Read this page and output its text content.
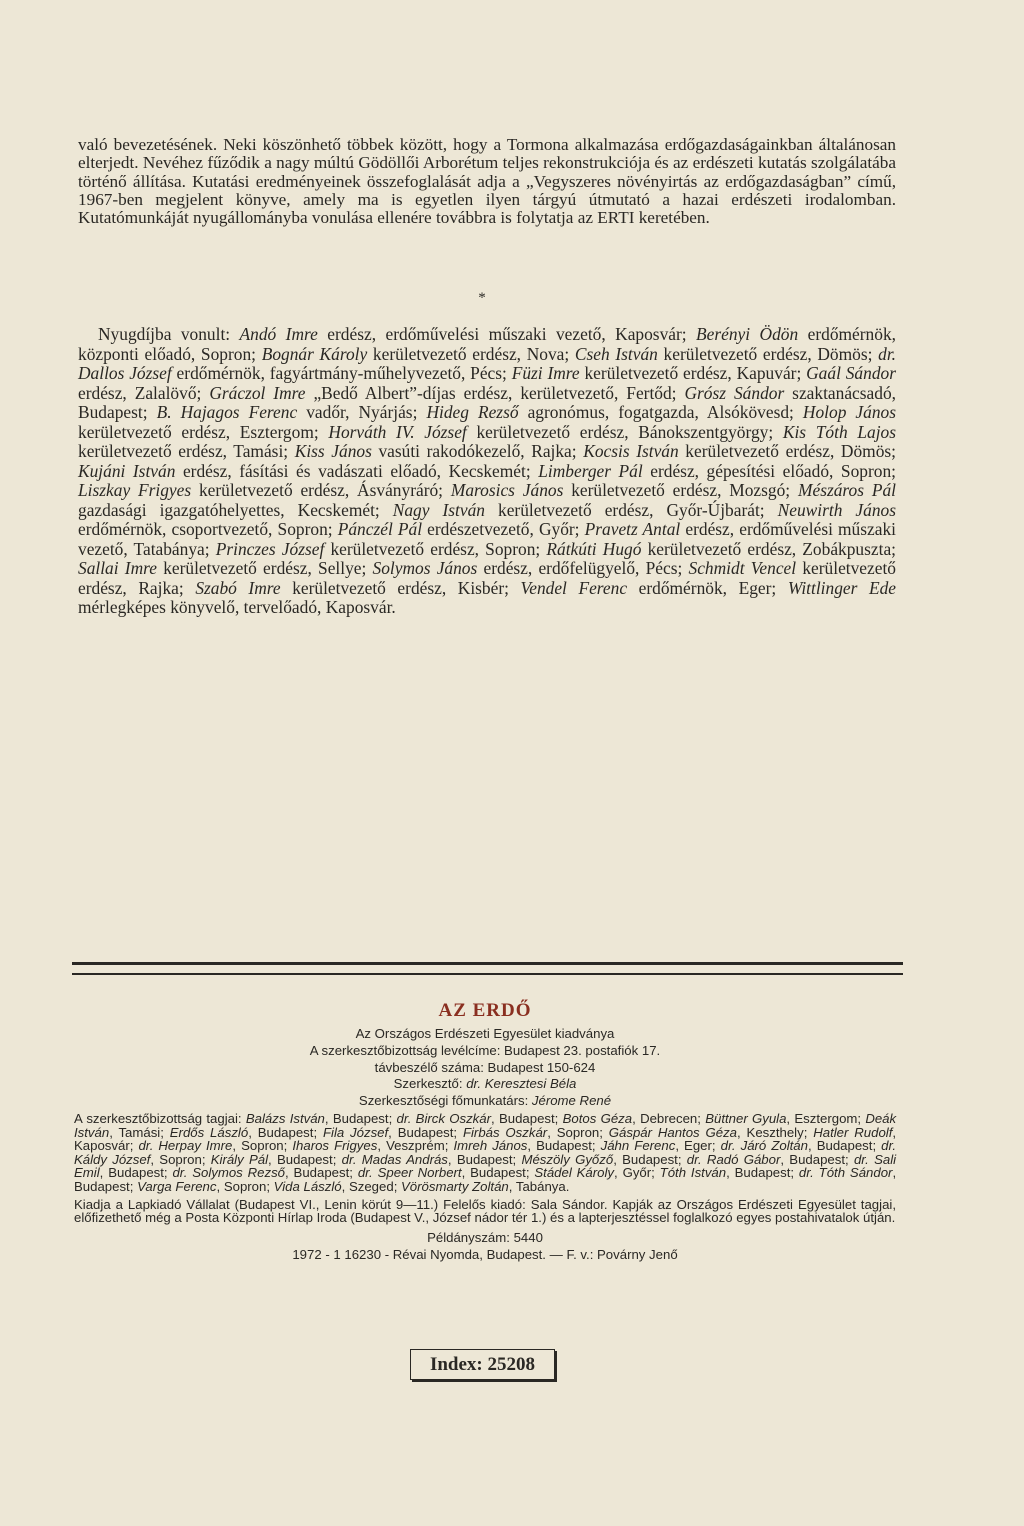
való bevezetésének. Neki köszönhető többek között, hogy a Tormona alkalmazása erdőgazdaságainkban általánosan elterjedt. Nevéhez fűződik a nagy múltú Gödöllői Arborétum teljes rekonstrukciója és az erdészeti kutatás szolgálatába történő állítása. Kutatási eredményeinek összefoglalását adja a „Vegyszeres növényirtás az erdőgazdaságban” című, 1967-ben megjelent könyve, amely ma is egyetlen ilyen tárgyú útmutató a hazai erdészeti irodalomban. Kutatómunkáját nyugállományba vonulása ellenére továbbra is folytatja az ERTI keretében.

*

Nyugdíjba vonult: Andó Imre erdész, erdőművelési műszaki vezető, Kaposvár; Berényi Ödön erdőmérnök, központi előadó, Sopron; Bognár Károly kerületvezető erdész, Nova; Cseh István kerületvezető erdész, Dömös; dr. Dallos József erdőmérnök, fagyártmány-műhelyvezető, Pécs; Füzi Imre kerületvezető erdész, Kapuvár; Gaál Sándor erdész, Zalalövő; Gráczol Imre „Bedő Albert”-díjas erdész, kerületvezető, Fertőd; Grósz Sándor szaktanácsadó, Budapest; B. Hajagos Ferenc vadőr, Nyárjás; Hideg Rezső agronómus, fogatgazda, Alsókövesd; Holop János kerületvezető erdész, Esztergom; Horváth IV. József kerületvezető erdész, Bánokszentgyörgy; Kis Tóth Lajos kerületvezető erdész, Tamási; Kiss János vasúti rakodókezelő, Rajka; Kocsis István kerületvezető erdész, Dömös; Kujáni István erdész, fásítási és vadászati előadó, Kecskemét; Limberger Pál erdész, gépesítési előadó, Sopron; Liszkay Frigyes kerületvezető erdész, Ásványráró; Marosics János kerületvezető erdész, Mozsgó; Mészáros Pál gazdasági igazgatóhelyettes, Kecskemét; Nagy István kerületvezető erdész, Győr-Újbarát; Neuwirth János erdőmérnök, csoportvezető, Sopron; Pánczél Pál erdészetvezető, Győr; Pravetz Antal erdész, erdőművelési műszaki vezető, Tatabánya; Princzes József kerületvezető erdész, Sopron; Rátkúti Hugó kerületvezető erdész, Zobákpuszta; Sallai Imre kerületvezető erdész, Sellye; Solymos János erdész, erdőfelügyelő, Pécs; Schmidt Vencel kerületvezető erdész, Rajka; Szabó Imre kerületvezető erdész, Kisbér; Vendel Ferenc erdőmérnök, Eger; Wittlinger Ede mérlegképes könyvelő, tervelőadó, Kaposvár.

AZ ERDŐ

Az Országos Erdészeti Egyesület kiadványa

A szerkesztőbizottság levélcíme: Budapest 23. postafiók 17.

távbeszélő száma: Budapest 150-624

Szerkesztő: dr. Keresztesi Béla

Szerkesztőségi főmunkatárs: Jérome René

A szerkesztőbizottság tagjai: Balázs István, Budapest; dr. Birck Oszkár, Budapest; Botos Géza, Debrecen; Büttner Gyula, Esztergom; Deák István, Tamási; Erdős László, Budapest; Fila József, Budapest; Firbás Oszkár, Sopron; Gáspár Hantos Géza, Keszthely; Hatler Rudolf, Kaposvár; dr. Herpay Imre, Sopron; Iharos Frigyes, Veszprém; Imreh János, Budapest; Jáhn Ferenc, Eger; dr. Járó Zoltán, Budapest; dr. Káldy József, Sopron; Király Pál, Budapest; dr. Madas András, Budapest; Mészöly Győző, Budapest; dr. Radó Gábor, Budapest; dr. Sali Emil, Budapest; dr. Solymos Rezső, Budapest; dr. Speer Norbert, Budapest; Stádel Károly, Győr; Tóth István, Budapest; dr. Tóth Sándor, Budapest; Varga Ferenc, Sopron; Vida László, Szeged; Vörösmarty Zoltán, Tabánya.

Kiadja a Lapkiadó Vállalat (Budapest VI., Lenin körút 9—11.) Felelős kiadó: Sala Sándor. Kapják az Országos Erdészeti Egyesület tagjai, előfizethető még a Posta Központi Hírlap Iroda (Budapest V., József nádor tér 1.) és a lapterjesztéssel foglalkozó egyes postahivatalok útján.

Példányszám: 5440

1972 - 1 16230 - Révai Nyomda, Budapest. — F. v.: Povárny Jenő

Index: 25208
